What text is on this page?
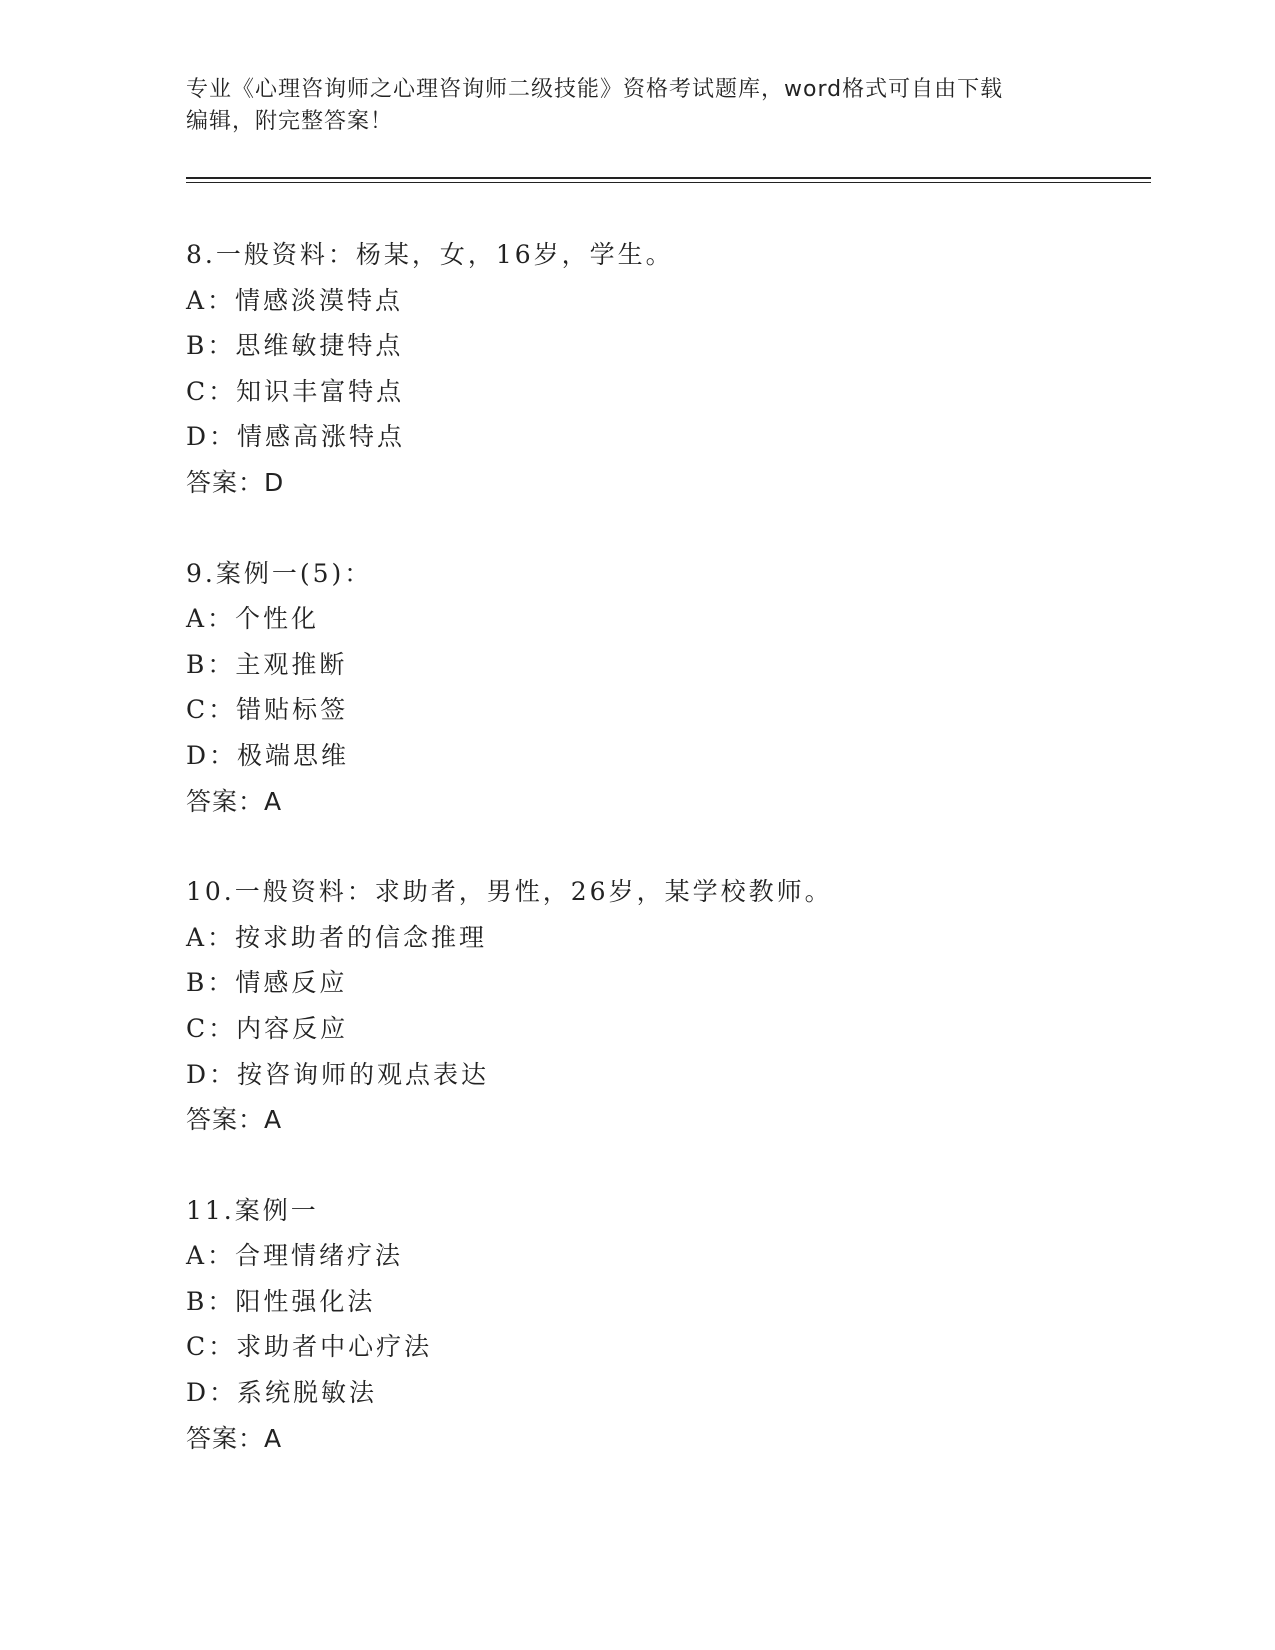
专业《心理咨询师之心理咨询师二级技能》资格考试题库，word格式可自由下载
编辑，附完整答案！
8.一般资料：杨某，女，16岁，学生。
A：情感淡漠特点
B：思维敏捷特点
C：知识丰富特点
D：情感高涨特点
答案：D
9.案例一(5)：
A：个性化
B：主观推断
C：错贴标签
D：极端思维
答案：A
10.一般资料：求助者，男性，26岁，某学校教师。
A：按求助者的信念推理
B：情感反应
C：内容反应
D：按咨询师的观点表达
答案：A
11.案例一
A：合理情绪疗法
B：阳性强化法
C：求助者中心疗法
D：系统脱敏法
答案：A
